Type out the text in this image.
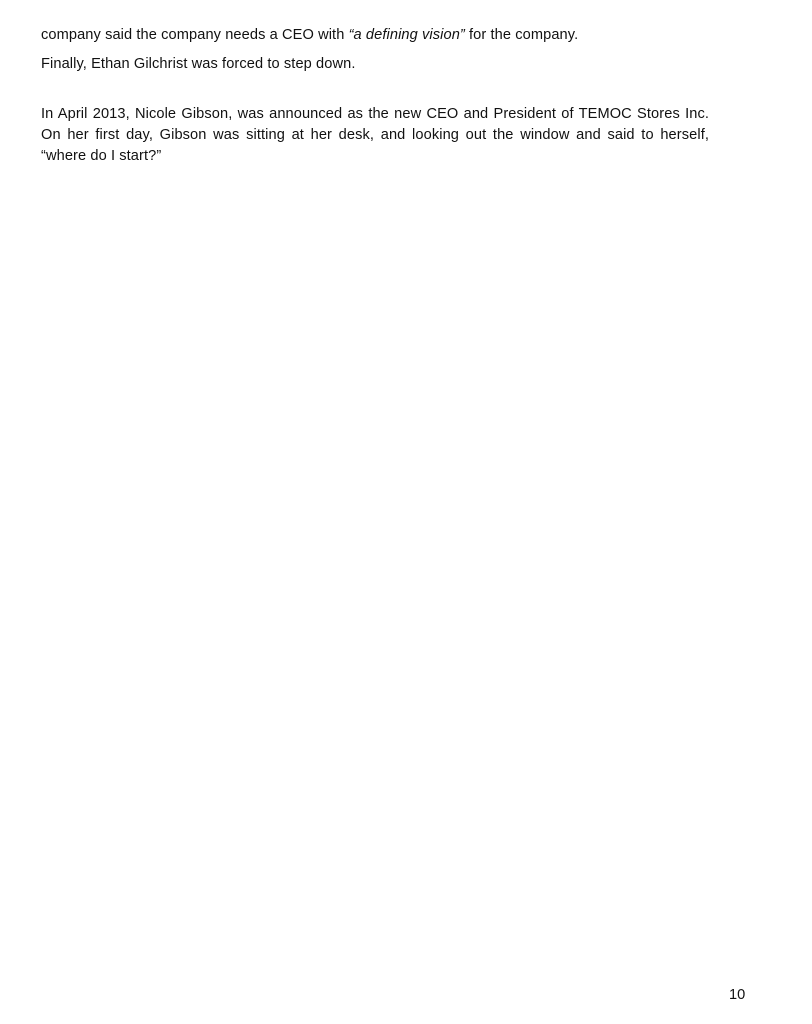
company said the company needs a CEO with “a defining vision” for the company.

Finally, Ethan Gilchrist was forced to step down.

In April 2013, Nicole Gibson, was announced as the new CEO and President of TEMOC Stores Inc. On her first day, Gibson was sitting at her desk, and looking out the window and said to herself, “where do I start?”

10
